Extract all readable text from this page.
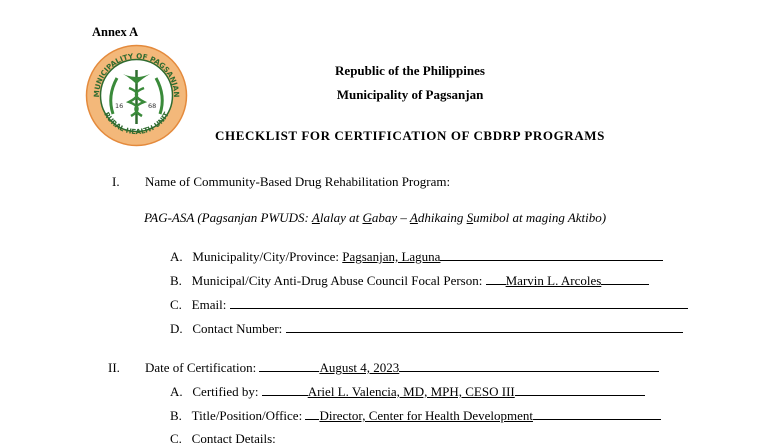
Annex A
MUNICIPALITY OF PAGSANJAN
RURAL HEALTH UNIT
16	68
Republic of the Philippines
Municipality of Pagsanjan
CHECKLIST FOR CERTIFICATION OF CBDRP PROGRAMS
I. Name of Community-Based Drug Rehabilitation Program:
PAG-ASA (Pagsanjan PWUDS: Alalay at Gabay – Adhikaing Sumibol at maging Aktibo)
A. Municipality/City/Province: Pagsanjan, Laguna
B. Municipal/City Anti-Drug Abuse Council Focal Person: Marvin L. Arcoles
C. Email:
D. Contact Number:
II. Date of Certification:	August 4, 2023
A. Certified by:	Ariel L. Valencia, MD, MPH, CESO III
B. Title/Position/Office: Director, Center for Health Development
C. Contact Details:
